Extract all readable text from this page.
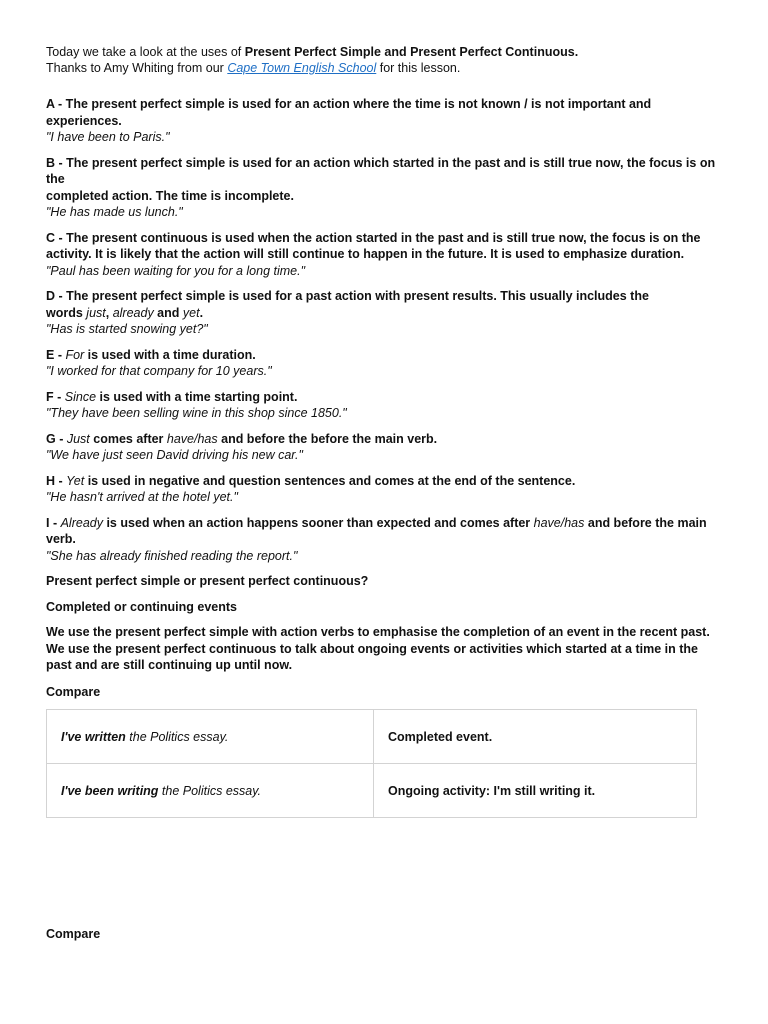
Today we take a look at the uses of Present Perfect Simple and Present Perfect Continuous.
Thanks to Amy Whiting from our Cape Town English School for this lesson.
A - The present perfect simple is used for an action where the time is not known / is not important and experiences.
"I have been to Paris."
B - The present perfect simple is used for an action which started in the past and is still true now, the focus is on the
completed action. The time is incomplete.
"He has made us lunch."
C - The present continuous is used when the action started in the past and is still true now, the focus is on the
activity. It is likely that the action will still continue to happen in the future. It is used to emphasize duration.
"Paul has been waiting for you for a long time."
D - The present perfect simple is used for a past action with present results. This usually includes the
words just, already and yet.
"Has is started snowing yet?"
E - For is used with a time duration.
"I worked for that company for 10 years."
F - Since is used with a time starting point.
"They have been selling wine in this shop since 1850."
G - Just comes after have/has and before the before the main verb.
"We have just seen David driving his new car."
H - Yet is used in negative and question sentences and comes at the end of the sentence.
"He hasn't arrived at the hotel yet."
I - Already is used when an action happens sooner than expected and comes after have/has and before the main
verb.
"She has already finished reading the report."
Present perfect simple or present perfect continuous?
Completed or continuing events
We use the present perfect simple with action verbs to emphasise the completion of an event in the recent past. We use the present perfect continuous to talk about ongoing events or activities which started at a time in the past and are still continuing up until now.
Compare
I've written the Politics essay.	Completed event.
I've been writing the Politics essay.	Ongoing activity: I'm still writing it.
Compare
